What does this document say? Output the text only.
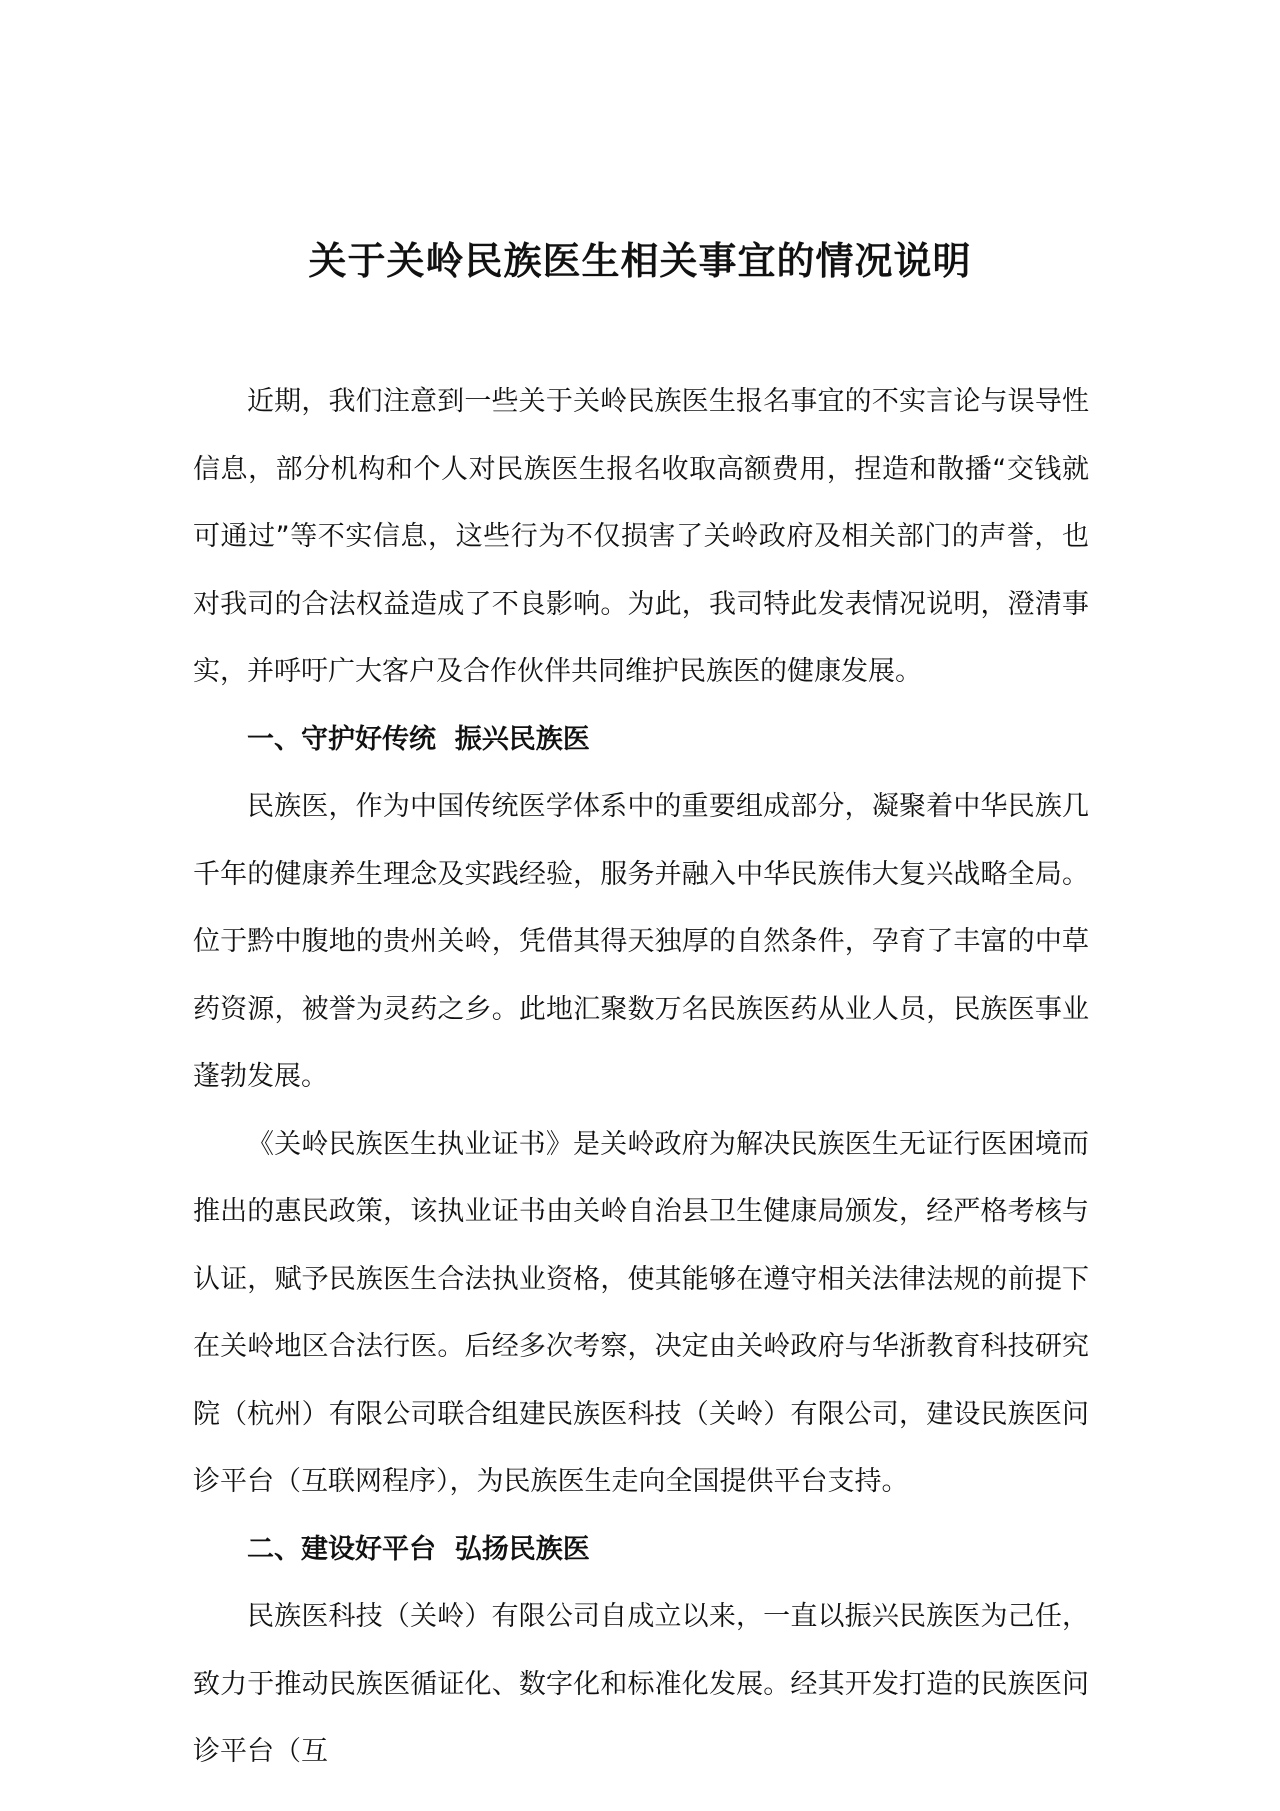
关于关岭民族医生相关事宜的情况说明

近期，我们注意到一些关于关岭民族医生报名事宜的不实言论与误导性信息，部分机构和个人对民族医生报名收取高额费用，捏造和散播“交钱就可通过”等不实信息，这些行为不仅损害了关岭政府及相关部门的声誉，也对我司的合法权益造成了不良影响。为此，我司特此发表情况说明，澄清事实，并呼吁广大客户及合作伙伴共同维护民族医的健康发展。

一、守护好传统  振兴民族医

民族医，作为中国传统医学体系中的重要组成部分，凝聚着中华民族几千年的健康养生理念及实践经验，服务并融入中华民族伟大复兴战略全局。位于黔中腹地的贵州关岭，凭借其得天独厚的自然条件，孕育了丰富的中草药资源，被誉为灵药之乡。此地汇聚数万名民族医药从业人员，民族医事业蓬勃发展。

《关岭民族医生执业证书》是关岭政府为解决民族医生无证行医困境而推出的惠民政策，该执业证书由关岭自治县卫生健康局颁发，经严格考核与认证，赋予民族医生合法执业资格，使其能够在遵守相关法律法规的前提下在关岭地区合法行医。后经多次考察，决定由关岭政府与华浙教育科技研究院（杭州）有限公司联合组建民族医科技（关岭）有限公司，建设民族医问诊平台（互联网程序），为民族医生走向全国提供平台支持。

二、建设好平台  弘扬民族医

民族医科技（关岭）有限公司自成立以来，一直以振兴民族医为己任，致力于推动民族医循证化、数字化和标准化发展。经其开发打造的民族医问诊平台（互
